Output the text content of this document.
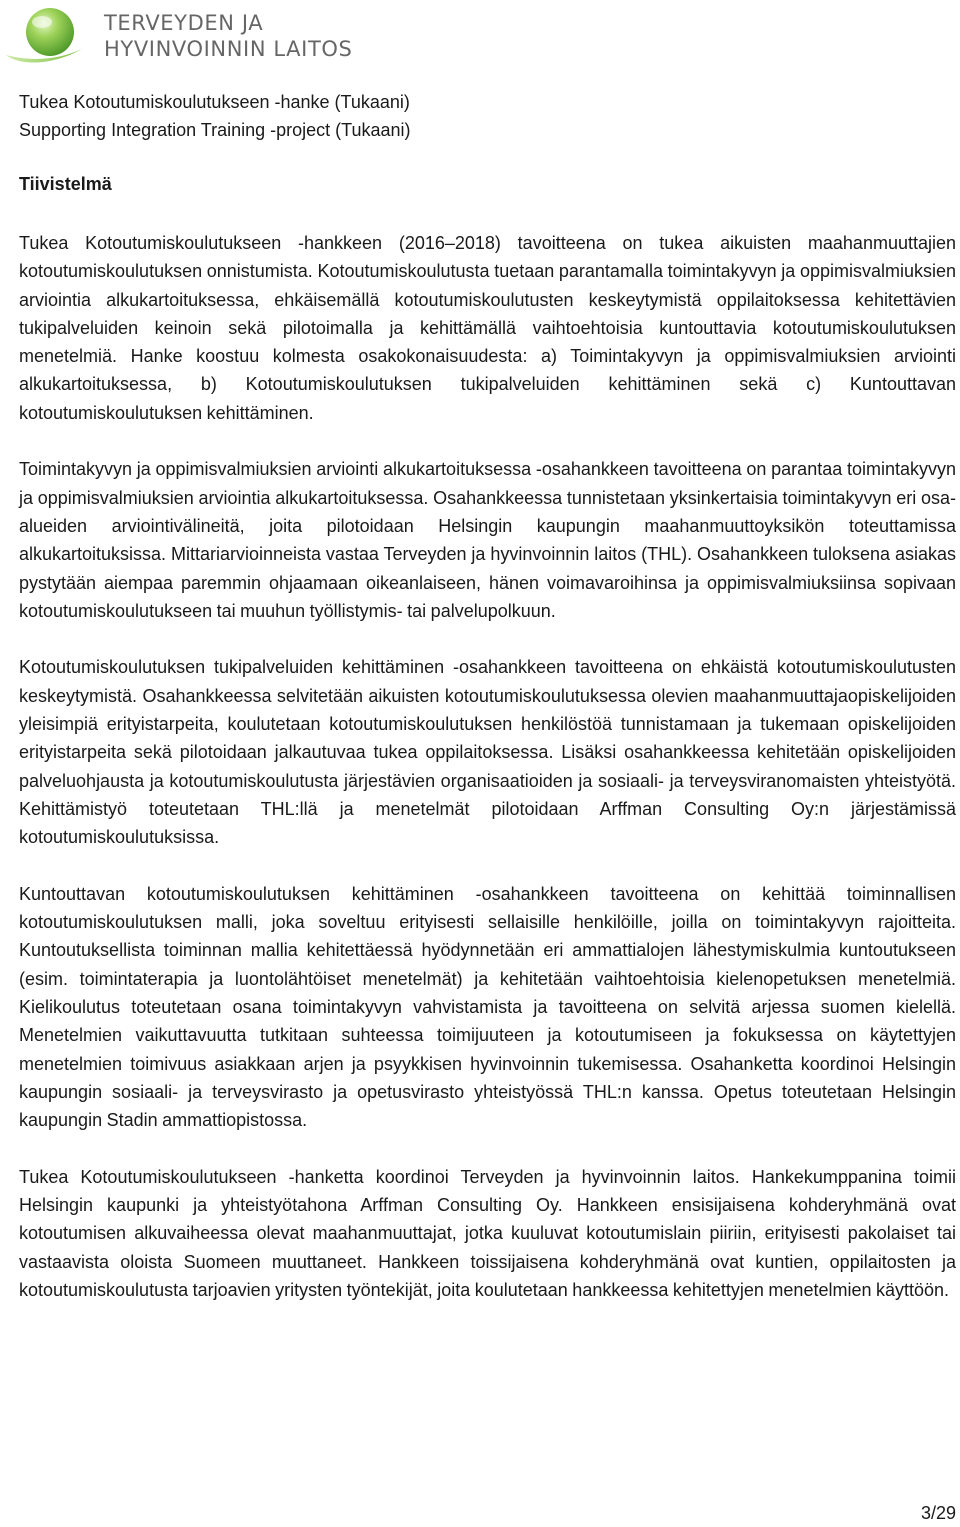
TERVEYDEN JA
HYVINVOINNIN LAITOS
Tukea Kotoutumiskoulutukseen -hanke (Tukaani)
Supporting Integration Training -project (Tukaani)
Tiivistelmä

Tukea Kotoutumiskoulutukseen -hankkeen (2016–2018) tavoitteena on tukea aikuisten maahanmuuttajien kotoutumiskoulutuksen onnistumista. Kotoutumiskoulutusta tuetaan parantamalla toimintakyvyn ja oppimisvalmiuksien arviointia alkukartoituksessa, ehkäisemällä kotoutumiskoulutusten keskeytymistä oppilaitoksessa kehitettävien tukipalveluiden keinoin sekä pilotoimalla ja kehittämällä vaihtoehtoisia kuntouttavia kotoutumiskoulutuksen menetelmiä. Hanke koostuu kolmesta osakokonaisuudesta: a) Toimintakyvyn ja oppimisvalmiuksien arviointi alkukartoituksessa, b) Kotoutumiskoulutuksen tukipalveluiden kehittäminen sekä c) Kuntouttavan kotoutumiskoulutuksen kehittäminen.

Toimintakyvyn ja oppimisvalmiuksien arviointi alkukartoituksessa -osahankkeen tavoitteena on parantaa toimintakyvyn ja oppimisvalmiuksien arviointia alkukartoituksessa. Osahankkeessa tunnistetaan yksinkertaisia toimintakyvyn eri osa-alueiden arviointivälineitä, joita pilotoidaan Helsingin kaupungin maahanmuuttoyksikön toteuttamissa alkukartoituksissa. Mittariarvioinneista vastaa Terveyden ja hyvinvoinnin laitos (THL). Osahankkeen tuloksena asiakas pystytään aiempaa paremmin ohjaamaan oikeanlaiseen, hänen voimavaroihinsa ja oppimisvalmiuksiinsa sopivaan kotoutumiskoulutukseen tai muuhun työllistymis- tai palvelupolkuun.

Kotoutumiskoulutuksen tukipalveluiden kehittäminen -osahankkeen tavoitteena on ehkäistä kotoutumiskoulutusten keskeytymistä. Osahankkeessa selvitetään aikuisten kotoutumiskoulutuksessa olevien maahanmuuttajaopiskelijoiden yleisimpiä erityistarpeita, koulutetaan kotoutumiskoulutuksen henkilöstöä tunnistamaan ja tukemaan opiskelijoiden erityistarpeita sekä pilotoidaan jalkautuvaa tukea oppilaitoksessa. Lisäksi osahankkeessa kehitetään opiskelijoiden palveluohjausta ja kotoutumiskoulutusta järjestävien organisaatioiden ja sosiaali- ja terveysviranomaisten yhteistyötä. Kehittämistyö toteutetaan THL:llä ja menetelmät pilotoidaan Arffman Consulting Oy:n järjestämissä kotoutumiskoulutuksissa.

Kuntouttavan kotoutumiskoulutuksen kehittäminen -osahankkeen tavoitteena on kehittää toiminnallisen kotoutumiskoulutuksen malli, joka soveltuu erityisesti sellaisille henkilöille, joilla on toimintakyvyn rajoitteita. Kuntoutuksellista toiminnan mallia kehitettäessä hyödynnetään eri ammattialojen lähestymiskulmia kuntoutukseen (esim. toimintaterapia ja luontolähtöiset menetelmät) ja kehitetään vaihtoehtoisia kielenopetuksen menetelmiä. Kielikoulutus toteutetaan osana toimintakyvyn vahvistamista ja tavoitteena on selvitä arjessa suomen kielellä. Menetelmien vaikuttavuutta tutkitaan suhteessa toimijuuteen ja kotoutumiseen ja fokuksessa on käytettyjen menetelmien toimivuus asiakkaan arjen ja psyykkisen hyvinvoinnin tukemisessa. Osahanketta koordinoi Helsingin kaupungin sosiaali- ja terveysvirasto ja opetusvirasto yhteistyössä THL:n kanssa. Opetus toteutetaan Helsingin kaupungin Stadin ammattiopistossa.

Tukea Kotoutumiskoulutukseen -hanketta koordinoi Terveyden ja hyvinvoinnin laitos. Hankekumppanina toimii Helsingin kaupunki ja yhteistyötahona Arffman Consulting Oy. Hankkeen ensisijaisena kohderyhmänä ovat kotoutumisen alkuvaiheessa olevat maahanmuuttajat, jotka kuuluvat kotoutumislain piiriin, erityisesti pakolaiset tai vastaavista oloista Suomeen muuttaneet. Hankkeen toissijaisena kohderyhmänä ovat kuntien, oppilaitosten ja kotoutumiskoulutusta tarjoavien yritysten työntekijät, joita koulutetaan hankkeessa kehitettyjen menetelmien käyttöön.

3/29
